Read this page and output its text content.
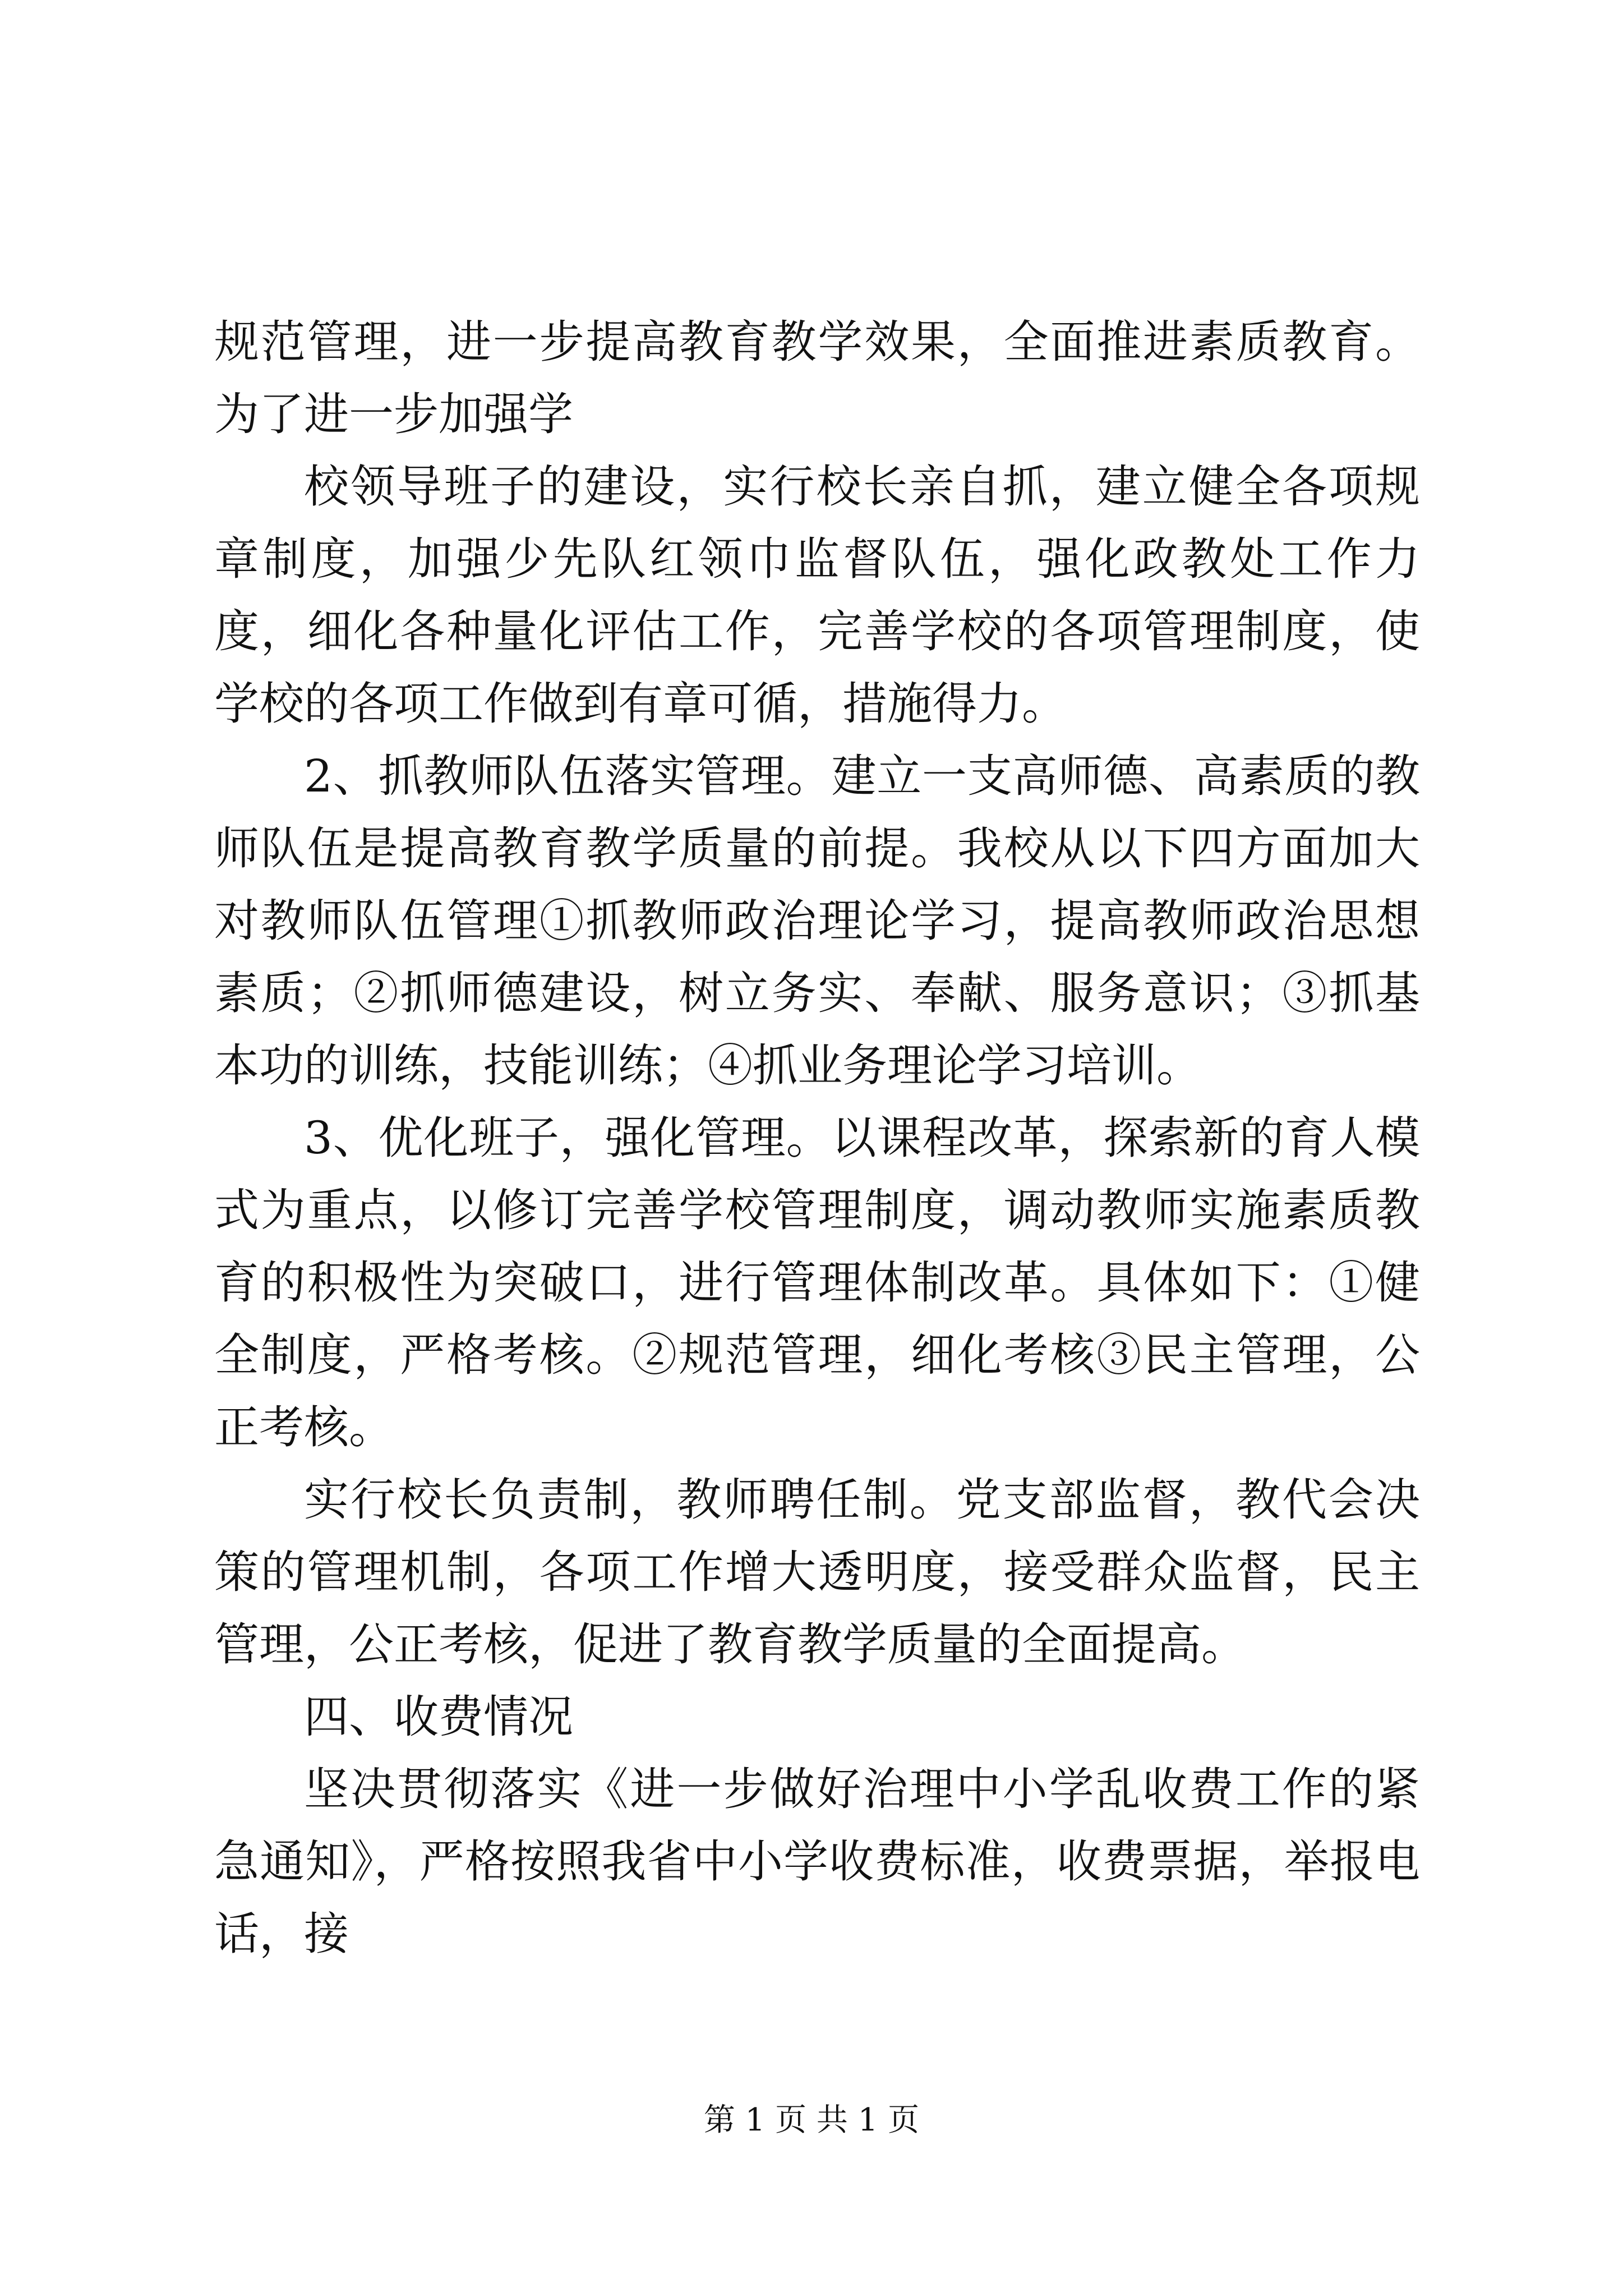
规范管理，进一步提高教育教学效果，全面推进素质教育。为了进一步加强学

校领导班子的建设，实行校长亲自抓，建立健全各项规章制度，加强少先队红领巾监督队伍，强化政教处工作力度，细化各种量化评估工作，完善学校的各项管理制度，使学校的各项工作做到有章可循，措施得力。

2、抓教师队伍落实管理。建立一支高师德、高素质的教师队伍是提高教育教学质量的前提。我校从以下四方面加大对教师队伍管理①抓教师政治理论学习，提高教师政治思想素质；②抓师德建设，树立务实、奉献、服务意识；③抓基本功的训练，技能训练；④抓业务理论学习培训。

3、优化班子，强化管理。以课程改革，探索新的育人模式为重点，以修订完善学校管理制度，调动教师实施素质教育的积极性为突破口，进行管理体制改革。具体如下：①健全制度，严格考核。②规范管理，细化考核③民主管理，公正考核。

实行校长负责制，教师聘任制。党支部监督，教代会决策的管理机制，各项工作增大透明度，接受群众监督，民主管理，公正考核，促进了教育教学质量的全面提高。

四、收费情况

坚决贯彻落实《进一步做好治理中小学乱收费工作的紧急通知》，严格按照我省中小学收费标准，收费票据，举报电话，接

第 1 页 共 1 页
